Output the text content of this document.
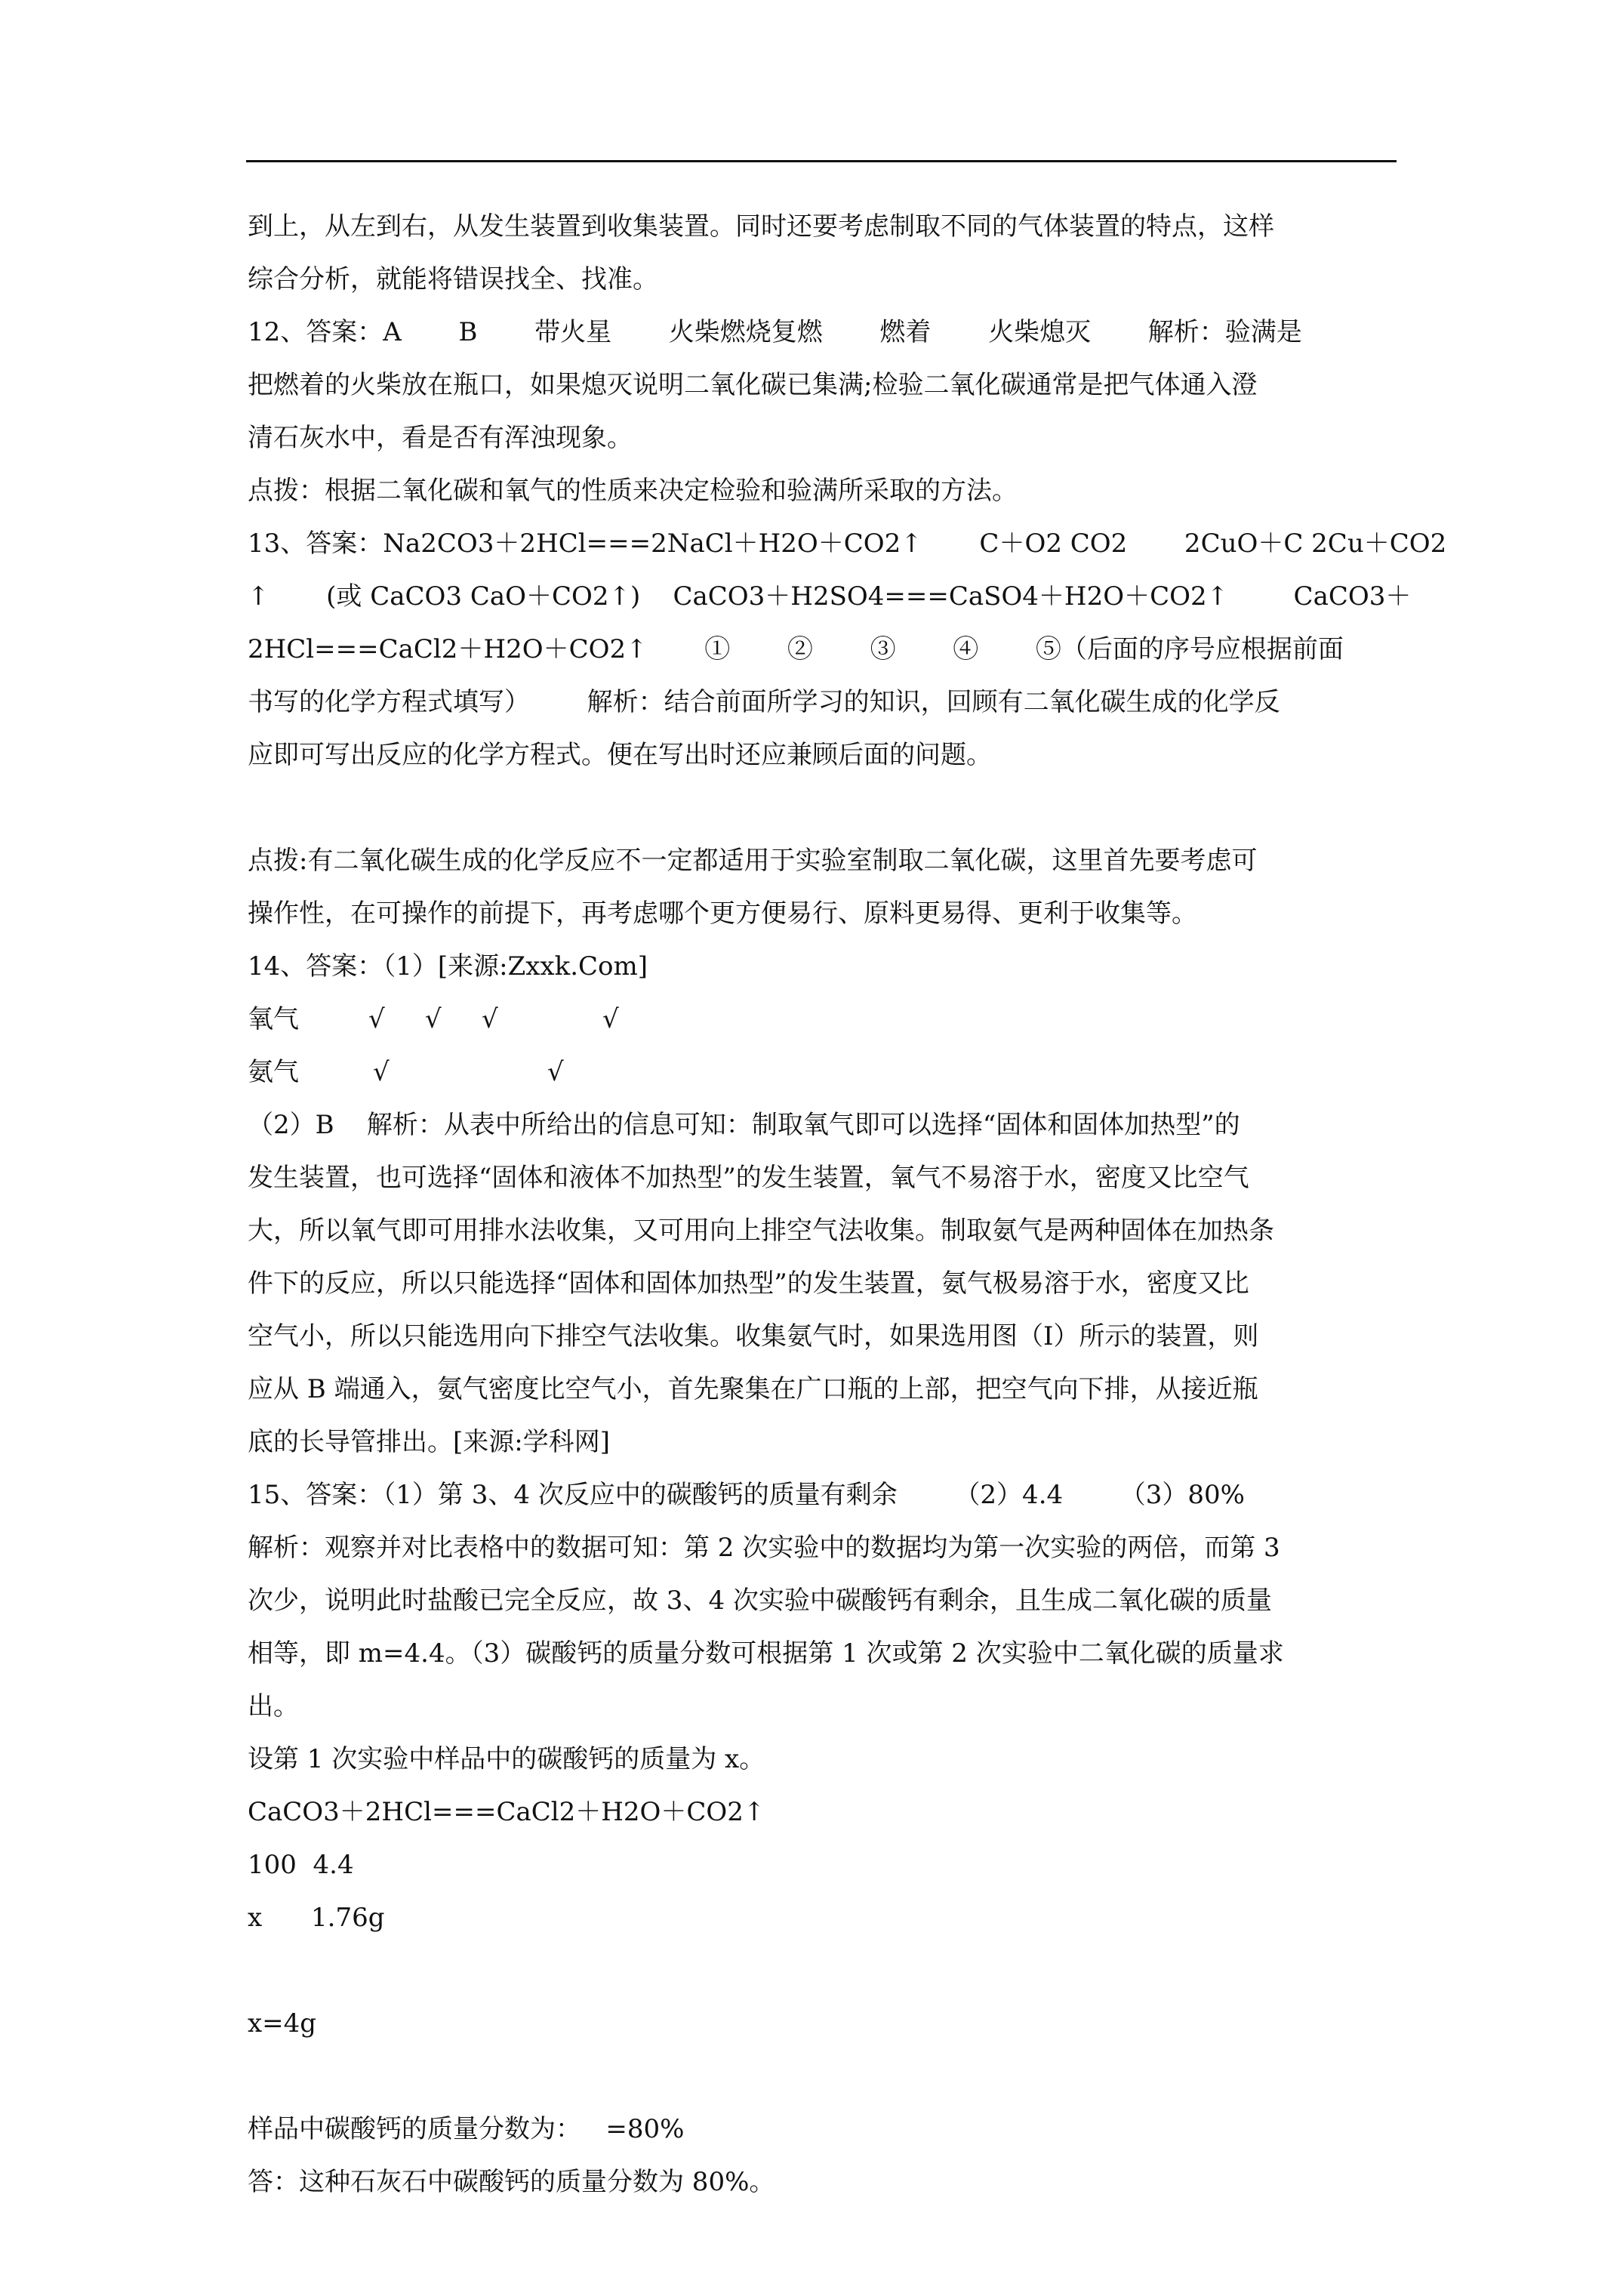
到上，从左到右，从发生装置到收集装置。同时还要考虑制取不同的气体装置的特点，这样
综合分析，就能将错误找全、找准。
12、答案：A       B       带火星       火柴燃烧复燃       燃着       火柴熄灭       解析：验满是
把燃着的火柴放在瓶口，如果熄灭说明二氧化碳已集满;检验二氧化碳通常是把气体通入澄
清石灰水中，看是否有浑浊现象。
点拨：根据二氧化碳和氧气的性质来决定检验和验满所采取的方法。
13、答案：Na2CO3＋2HCl===2NaCl＋H2O＋CO2↑       C＋O2 CO2       2CuO＋C 2Cu＋CO2
↑       (或 CaCO3 CaO＋CO2↑)    CaCO3＋H2SO4===CaSO4＋H2O＋CO2↑        CaCO3＋
2HCl===CaCl2＋H2O＋CO2↑       ①       ②       ③       ④       ⑤（后面的序号应根据前面
书写的化学方程式填写）       解析：结合前面所学习的知识，回顾有二氧化碳生成的化学反
应即可写出反应的化学方程式。便在写出时还应兼顾后面的问题。
点拨:有二氧化碳生成的化学反应不一定都适用于实验室制取二氧化碳，这里首先要考虑可
操作性，在可操作的前提下，再考虑哪个更方便易行、原料更易得、更利于收集等。
14、答案：（1）[来源:Zxxk.Com]
氧气	√ √ √	√
氨气	√	√
（2）B    解析：从表中所给出的信息可知：制取氧气即可以选择“固体和固体加热型”的
发生装置，也可选择“固体和液体不加热型”的发生装置，氧气不易溶于水，密度又比空气
大，所以氧气即可用排水法收集，又可用向上排空气法收集。制取氨气是两种固体在加热条
件下的反应，所以只能选择“固体和固体加热型”的发生装置，氨气极易溶于水，密度又比
空气小，所以只能选用向下排空气法收集。收集氨气时，如果选用图（I）所示的装置，则
应从 B 端通入，氨气密度比空气小，首先聚集在广口瓶的上部，把空气向下排，从接近瓶
底的长导管排出。[来源:学科网]
15、答案：（1）第 3、4 次反应中的碳酸钙的质量有剩余       （2）4.4       （3）80%
解析：观察并对比表格中的数据可知：第 2 次实验中的数据均为第一次实验的两倍，而第 3
次少，说明此时盐酸已完全反应，故 3、4 次实验中碳酸钙有剩余，且生成二氧化碳的质量
相等，即 m=4.4。（3）碳酸钙的质量分数可根据第 1 次或第 2 次实验中二氧化碳的质量求
出。
设第 1 次实验中样品中的碳酸钙的质量为 x。
CaCO3＋2HCl===CaCl2＋H2O＋CO2↑
100  4.4
x      1.76g
x=4g
样品中碳酸钙的质量分数为：   =80%
答：这种石灰石中碳酸钙的质量分数为 80%。
